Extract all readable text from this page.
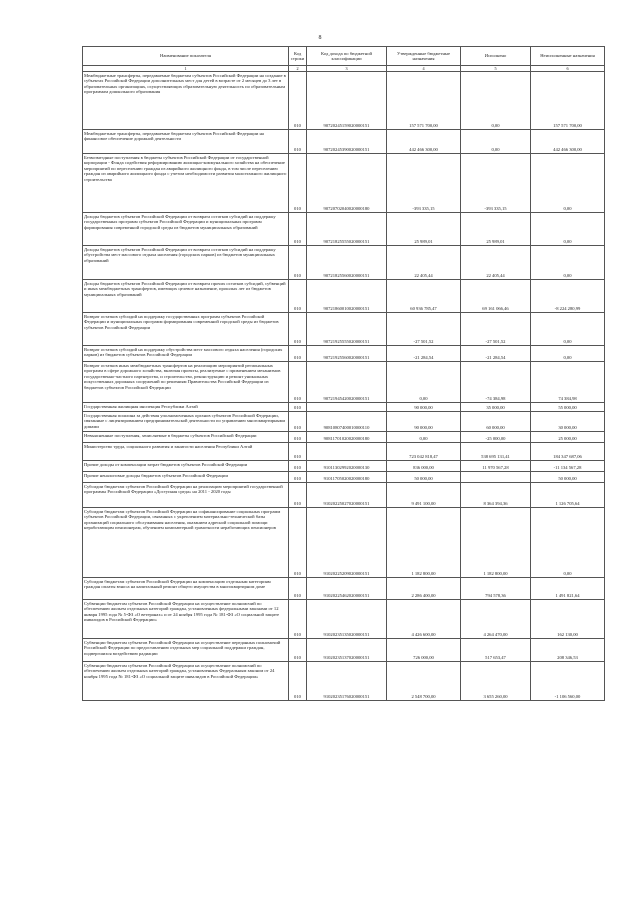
8
Наименование показателя	Код строки	Код дохода по бюджетной классификации	Утвержденные бюджетные назначения	Исполнено	Неисполненные назначения
1	2	3	4	5	6
Межбюджетные трансферты, передаваемые бюджетам субъектов Российской Федерации на создание в субъектах Российской Федерации дополнительных мест для детей в возрасте от 2 месяцев до 3 лет в образовательных организациях, осуществляющих образовательную деятельность по образовательным программам дошкольного образования	010	90720245159020000151	157 571 700,00	0,00	157 571 700,00
Межбюджетные трансферты, передаваемые бюджетам субъектов Российской Федерации на финансовое обеспечение дорожной деятельности	010	90720245390020000151	442 466 300,00	0,00	442 466 300,00
Безвозмездные поступления в бюджеты субъектов Российской Федерации от государственной корпорации - Фонда содействия реформированию жилищно-коммунального хозяйства на обеспечение мероприятий по переселению граждан из аварийного жилищного фонда, в том числе переселению граждан из аварийного жилищного фонда с учетом необходимости развития малоэтажного жилищного строительства	010	90720702040020000180	-393 335,15	-393 335,15	0,00
Доходы бюджетов субъектов Российской Федерации от возврата остатков субсидий на поддержку государственных программ субъектов Российской Федерации и муниципальных программ формирования современной городской среды из бюджетов муниципальных образований	010	90721825555020000151	25 989,01	25 989,01	0,00
Доходы бюджетов субъектов Российской Федерации от возврата остатков субсидий на поддержку обустройства мест массового отдыха населения (городских парков) из бюджетов муниципальных образований	010	90721825560020000151	22 405,44	22 405,44	0,00
Доходы бюджетов субъектов Российской Федерации от возврата прочих остатков субсидий, субвенций и иных межбюджетных трансфертов, имеющих целевое назначение, прошлых лет из бюджетов муниципальных образований	010	90721860010020000151	60 936 785,47	69 161 066,46	-8 224 280,99
Возврат остатков субсидий на поддержку государственных программ субъектов Российской Федерации и муниципальных программ формирования современной городской среды из бюджетов субъектов Российской Федерации	010	90721925555020000151	-27 501,52	-27 501,52	0,00
Возврат остатков субсидий на поддержку обустройства мест массового отдыха населения (городских парков) из бюджетов субъектов Российской Федерации	010	90721925560020000151	-21 284,54	-21 284,54	0,00
Возврат остатков иных межбюджетных трансфертов на реализацию мероприятий региональных программ в сфере дорожного хозяйства, включая проекты, реализуемые с применением механизмов государственно-частного партнерства, и строительство, реконструкцию и ремонт уникальных искусственных дорожных сооружений по решениям Правительства Российской Федерации из бюджетов субъектов Российской Федерации	010	90721945420020000151	0,00	-74 384,98	74 384,98
Государственная жилищная инспекция Республики Алтай	010		90 000,00	35 000,00	55 000,00
Государственная пошлина за действия уполномоченных органов субъектов Российской Федерации, связанные с лицензированием предпринимательской деятельности по управлению многоквартирными домами	010	90810807400010000110	90 000,00	60 000,00	30 000,00
Невыясненные поступления, зачисляемые в бюджеты субъектов Российской Федерации	010	90811701020020000180	0,00	-25 000,00	25 000,00
Министерство труда, социального развития и занятости населения Республики Алтай	010		723 042 818,47	538 695 131,41	184 347 687,06
Прочие доходы от компенсации затрат бюджетов субъектов Российской Федерации	010	91011302992020000130	836 000,00	11 970 567,28	-11 134 567,28
Прочие неналоговые доходы бюджетов субъектов Российской Федерации	010	91011705020020000180	50 000,00		50 000,00
Субсидии бюджетам субъектов Российской Федерации на реализацию мероприятий государственной программы Российской Федерации «Доступная среда» на 2011 - 2020 годы	010	91020225027020000151	9 491 100,00	8 364 394,36	1 126 705,64
Субсидии бюджетам субъектов Российской Федерации на софинансирование социальных программ субъектов Российской Федерации, связанных с укреплением материально-технической базы организаций социального обслуживания населения, оказанием адресной социальной помощи неработающим пенсионерам, обучением компьютерной грамотности неработающих пенсионеров	010	91020225209020000151	1 182 800,00	1 182 800,00	0,00
Субсидии бюджетам субъектов Российской Федерации на компенсацию отдельным категориям граждан оплаты взноса на капитальный ремонт общего имущества в многоквартирном доме	010	91020225462020000151	2 286 400,00	794 578,36	1 491 821,64
Субвенции бюджетам субъектов Российской Федерации на осуществление полномочий по обеспечению жильем отдельных категорий граждан, установленных федеральными законами от 12 января 1995 года № 5-ФЗ «О ветеранах» и от 24 ноября 1995 года № 181-ФЗ «О социальной защите инвалидов в Российской Федерации»	010	91020235135020000151	4 426 600,00	4 264 470,00	162 130,00
Субвенции бюджетам субъектов Российской Федерации на осуществление переданных полномочий Российской Федерации по предоставлению отдельных мер социальной поддержки граждан, подвергшихся воздействию радиации	010	91020235137020000151	726 000,00	517 653,47	208 346,53
Субвенции бюджетам субъектов Российской Федерации на осуществление полномочий по обеспечению жильем отдельных категорий граждан, установленных Федеральным законом от 24 ноября 1995 года № 181-ФЗ «О социальной защите инвалидов в Российской Федерации»	010	91020235176020000151	2 548 700,00	3 655 260,00	-1 106 560,00
